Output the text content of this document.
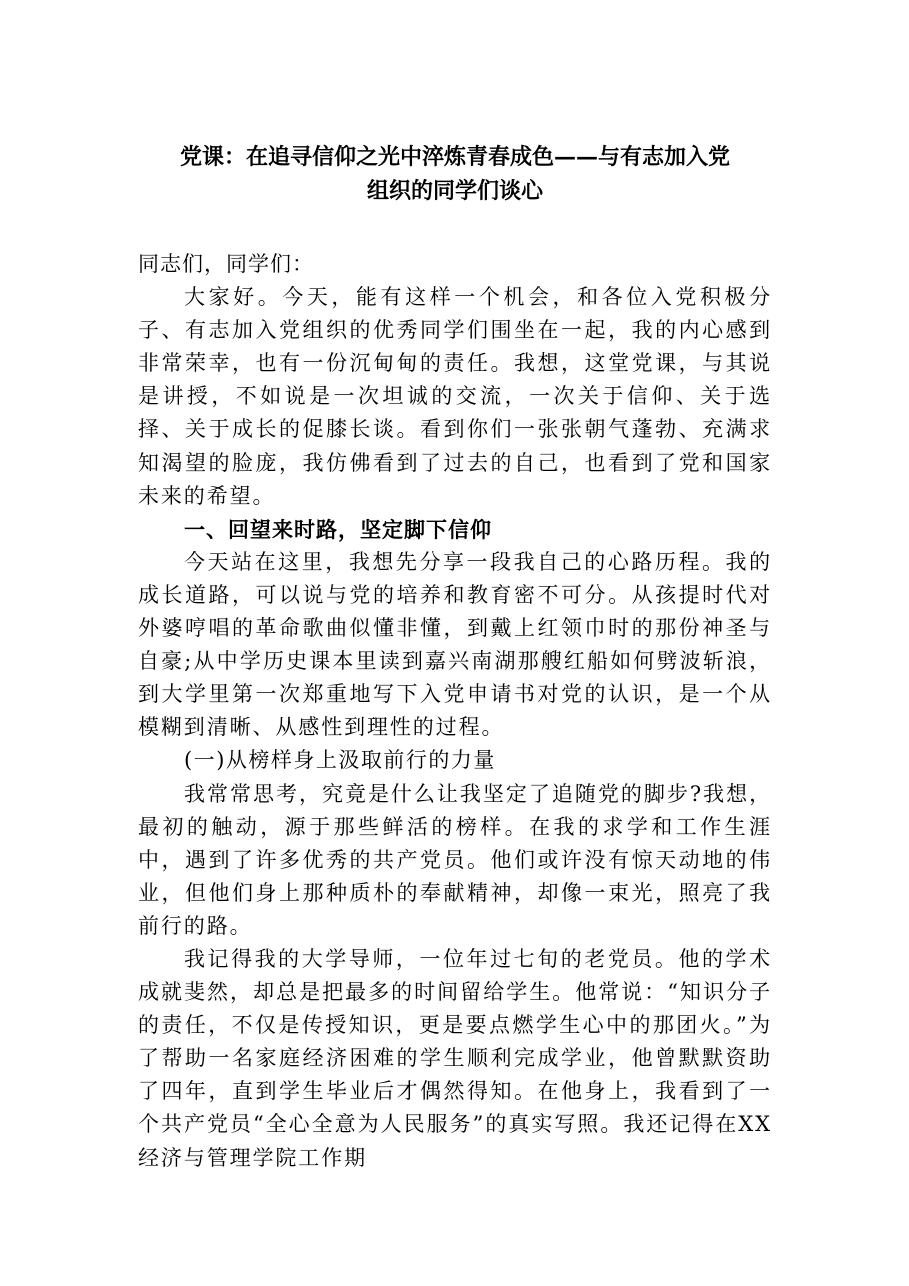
党课：在追寻信仰之光中淬炼青春成色——与有志加入党
组织的同学们谈心

同志们，同学们：

大家好。今天，能有这样一个机会，和各位入党积极分子、有志加入党组织的优秀同学们围坐在一起，我的内心感到非常荣幸，也有一份沉甸甸的责任。我想，这堂党课，与其说是讲授，不如说是一次坦诚的交流，一次关于信仰、关于选择、关于成长的促膝长谈。看到你们一张张朝气蓬勃、充满求知渴望的脸庞，我仿佛看到了过去的自己，也看到了党和国家未来的希望。

一、回望来时路，坚定脚下信仰

今天站在这里，我想先分享一段我自己的心路历程。我的成长道路，可以说与党的培养和教育密不可分。从孩提时代对外婆哼唱的革命歌曲似懂非懂，到戴上红领巾时的那份神圣与自豪;从中学历史课本里读到嘉兴南湖那艘红船如何劈波斩浪，到大学里第一次郑重地写下入党申请书对党的认识，是一个从模糊到清晰、从感性到理性的过程。

(一)从榜样身上汲取前行的力量

我常常思考，究竟是什么让我坚定了追随党的脚步?我想，最初的触动，源于那些鲜活的榜样。在我的求学和工作生涯中，遇到了许多优秀的共产党员。他们或许没有惊天动地的伟业，但他们身上那种质朴的奉献精神，却像一束光，照亮了我前行的路。

我记得我的大学导师，一位年过七旬的老党员。他的学术成就斐然，却总是把最多的时间留给学生。他常说：“知识分子的责任，不仅是传授知识，更是要点燃学生心中的那团火。”为了帮助一名家庭经济困难的学生顺利完成学业，他曾默默资助了四年，直到学生毕业后才偶然得知。在他身上，我看到了一个共产党员“全心全意为人民服务”的真实写照。我还记得在XX经济与管理学院工作期
